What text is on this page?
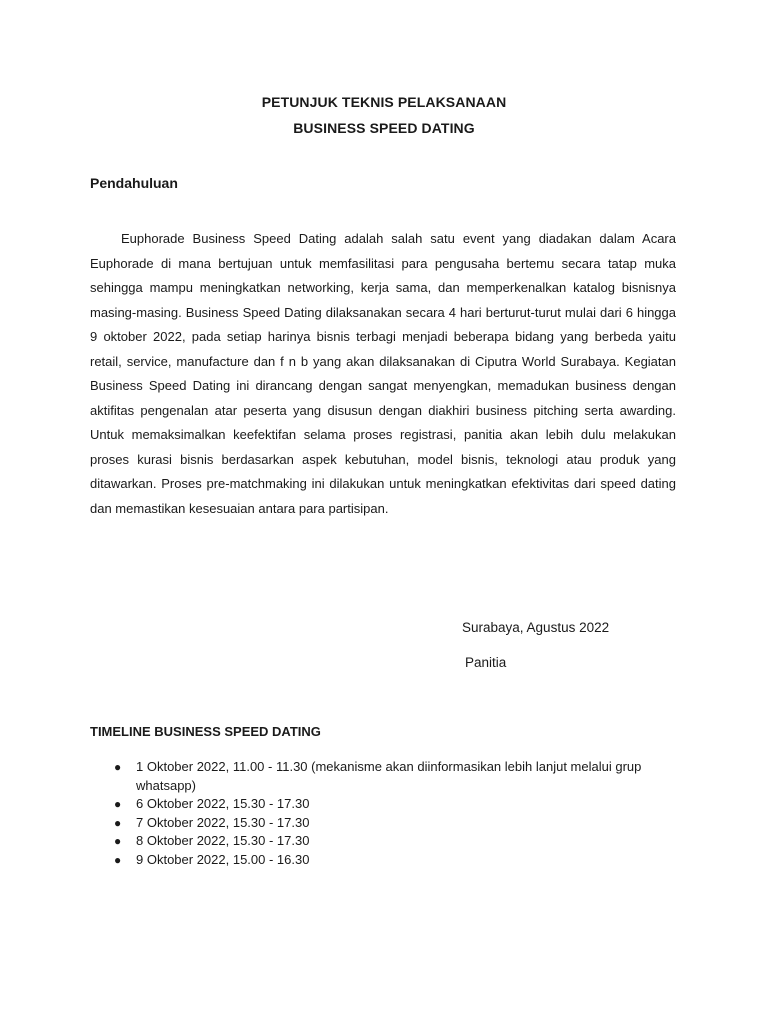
PETUNJUK TEKNIS PELAKSANAAN
BUSINESS SPEED DATING
Pendahuluan

Euphorade Business Speed Dating adalah salah satu event yang diadakan dalam Acara Euphorade di mana bertujuan untuk memfasilitasi para pengusaha bertemu secara tatap muka sehingga mampu meningkatkan networking, kerja sama, dan memperkenalkan katalog bisnisnya masing-masing. Business Speed Dating dilaksanakan secara 4 hari berturut-turut mulai dari 6 hingga 9 oktober 2022, pada setiap harinya bisnis terbagi menjadi beberapa bidang yang berbeda yaitu retail, service, manufacture dan f n b yang akan dilaksanakan di Ciputra World Surabaya. Kegiatan Business Speed Dating ini dirancang dengan sangat menyengkan, memadukan business dengan aktifitas pengenalan atar peserta yang disusun dengan diakhiri business pitching serta awarding. Untuk memaksimalkan keefektifan selama proses registrasi, panitia akan lebih dulu melakukan proses kurasi bisnis berdasarkan aspek kebutuhan, model bisnis, teknologi atau produk yang ditawarkan. Proses pre-matchmaking ini dilakukan untuk meningkatkan efektivitas dari speed dating dan memastikan kesesuaian antara para partisipan.

Surabaya, Agustus 2022
Panitia
TIMELINE BUSINESS SPEED DATING
● 1 Oktober 2022, 11.00 - 11.30 (mekanisme akan diinformasikan lebih lanjut melalui grup whatsapp)
● 6 Oktober 2022, 15.30 - 17.30
● 7 Oktober 2022, 15.30 - 17.30
● 8 Oktober 2022, 15.30 - 17.30
● 9 Oktober 2022, 15.00 - 16.30
